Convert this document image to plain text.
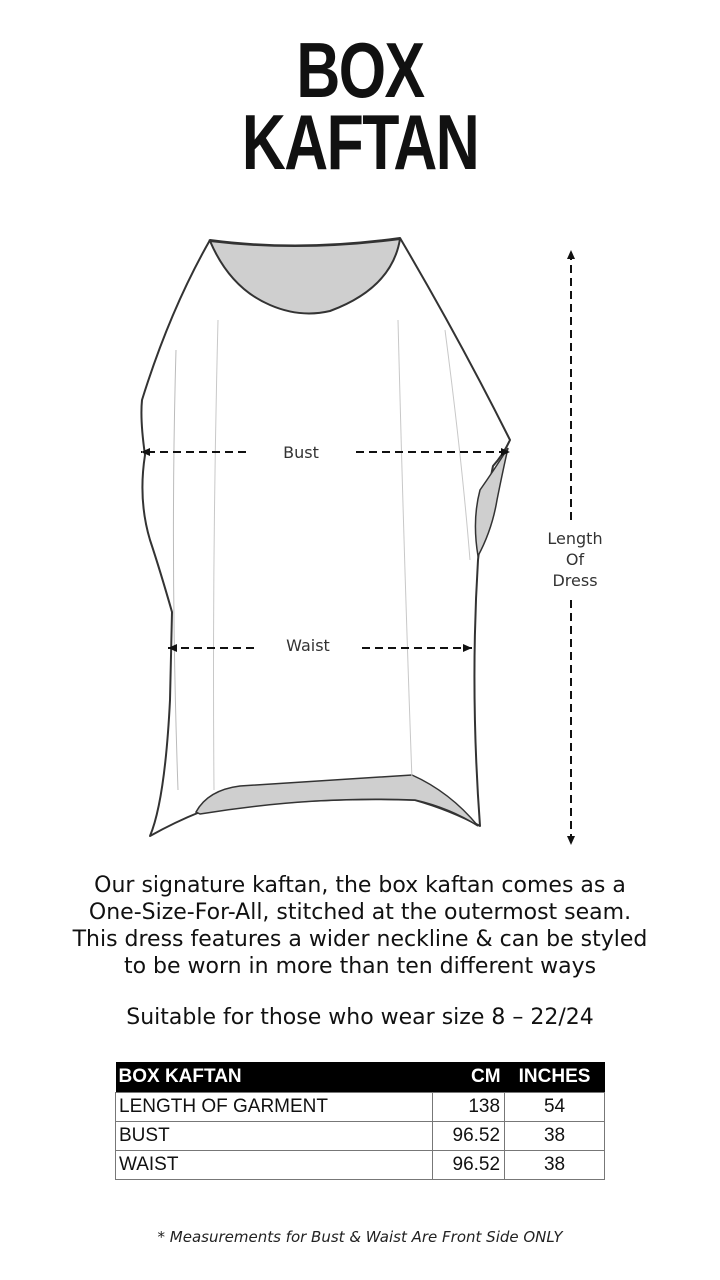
BOX
KAFTAN
Bust
Waist
Length
Of
Dress

Our signature kaftan, the box kaftan comes as a

One-Size-For-All, stitched at the outermost seam.

This dress features a wider neckline & can be styled

to be worn in more than ten different ways

Suitable for those who wear size 8 – 22/24
BOX KAFTAN	CM	INCHES
LENGTH OF GARMENT	138	54
BUST	96.52	38
WAIST	96.52	38
* Measurements for Bust & Waist Are Front Side ONLY
